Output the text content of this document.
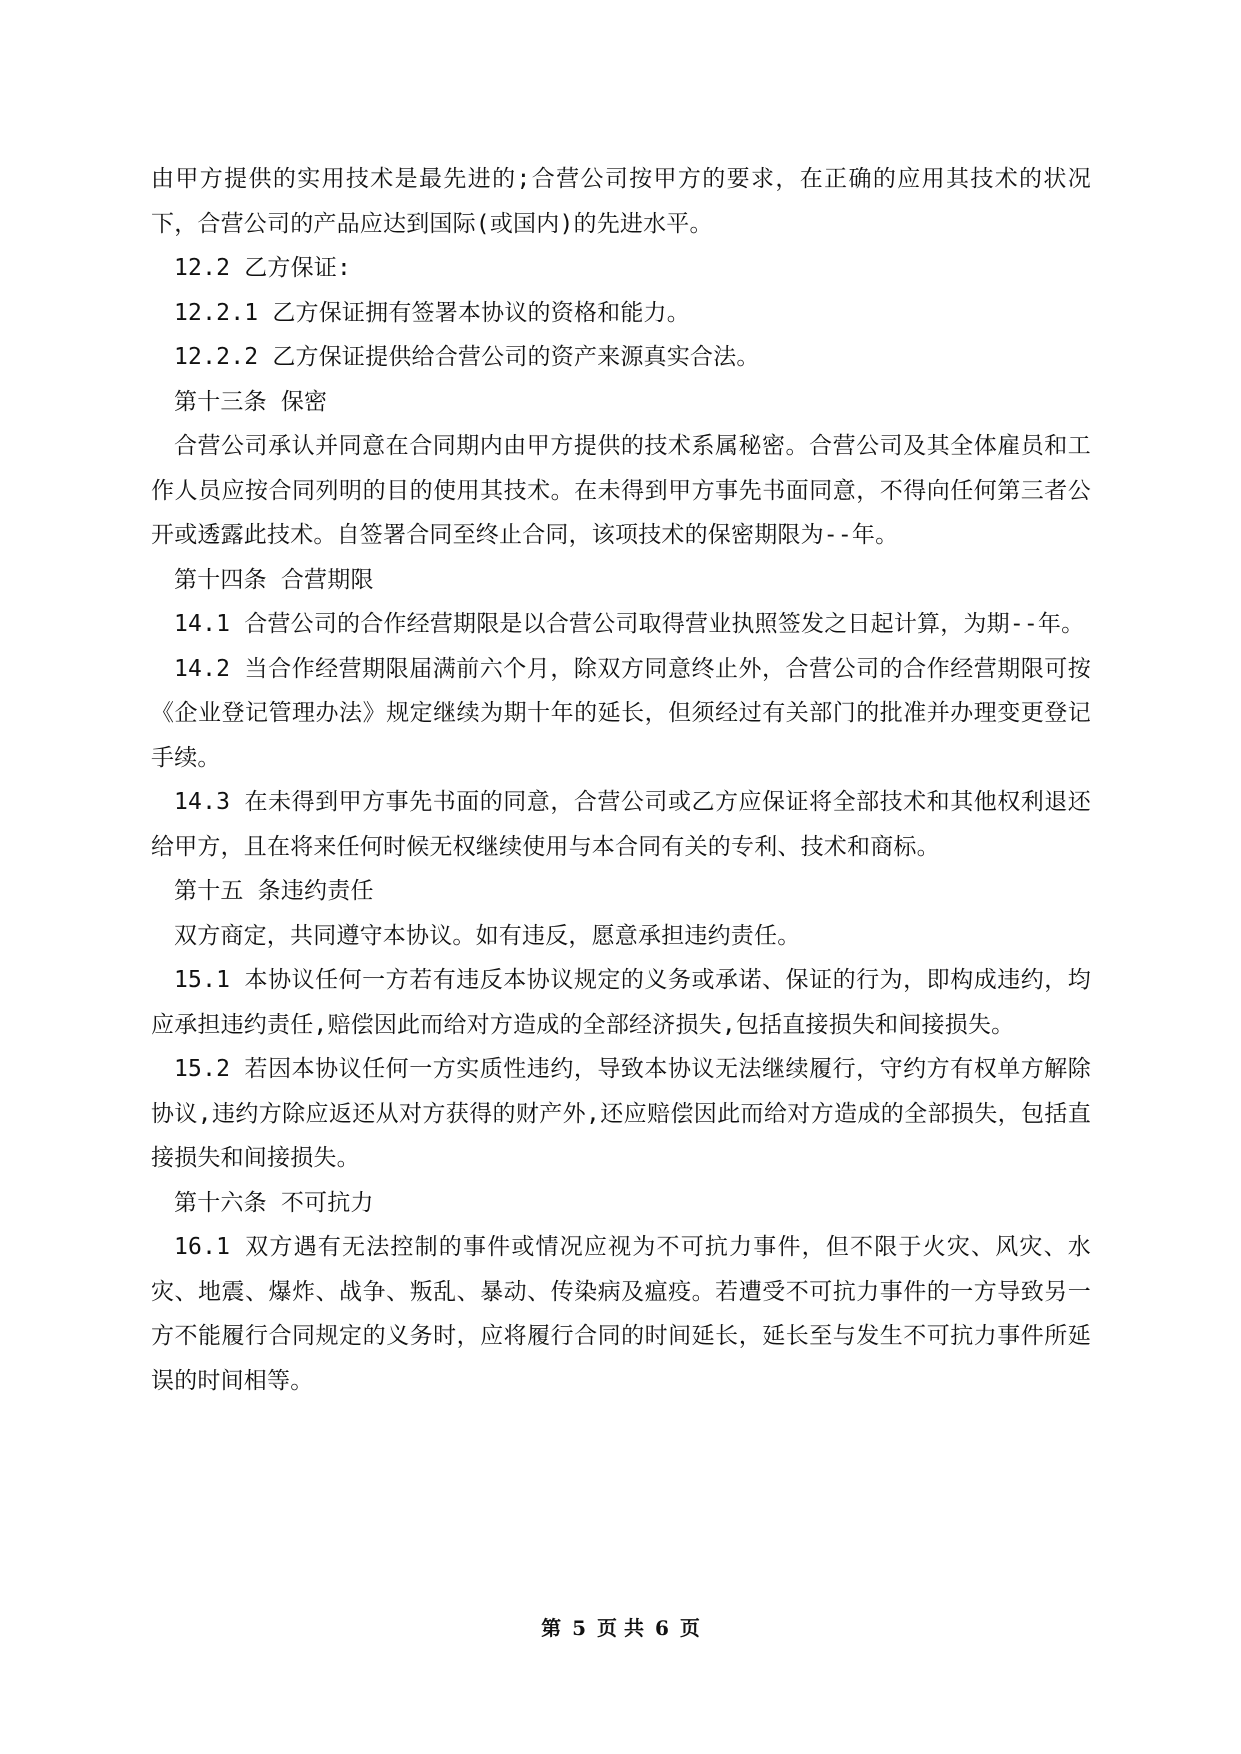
由甲方提供的实用技术是最先进的;合营公司按甲方的要求，在正确的应用其技术的状况下，合营公司的产品应达到国际(或国内)的先进水平。

12.2 乙方保证:

12.2.1 乙方保证拥有签署本协议的资格和能力。

12.2.2 乙方保证提供给合营公司的资产来源真实合法。

第十三条 保密

合营公司承认并同意在合同期内由甲方提供的技术系属秘密。合营公司及其全体雇员和工作人员应按合同列明的目的使用其技术。在未得到甲方事先书面同意，不得向任何第三者公开或透露此技术。自签署合同至终止合同，该项技术的保密期限为--年。

第十四条 合营期限

14.1 合营公司的合作经营期限是以合营公司取得营业执照签发之日起计算，为期--年。

14.2 当合作经营期限届满前六个月，除双方同意终止外，合营公司的合作经营期限可按《企业登记管理办法》规定继续为期十年的延长，但须经过有关部门的批准并办理变更登记手续。

14.3 在未得到甲方事先书面的同意，合营公司或乙方应保证将全部技术和其他权利退还给甲方，且在将来任何时候无权继续使用与本合同有关的专利、技术和商标。

第十五 条违约责任

双方商定，共同遵守本协议。如有违反，愿意承担违约责任。

15.1 本协议任何一方若有违反本协议规定的义务或承诺、保证的行为，即构成违约，均应承担违约责任,赔偿因此而给对方造成的全部经济损失,包括直接损失和间接损失。

15.2 若因本协议任何一方实质性违约，导致本协议无法继续履行，守约方有权单方解除协议,违约方除应返还从对方获得的财产外,还应赔偿因此而给对方造成的全部损失，包括直接损失和间接损失。

第十六条 不可抗力

16.1 双方遇有无法控制的事件或情况应视为不可抗力事件，但不限于火灾、风灾、水灾、地震、爆炸、战争、叛乱、暴动、传染病及瘟疫。若遭受不可抗力事件的一方导致另一方不能履行合同规定的义务时，应将履行合同的时间延长，延长至与发生不可抗力事件所延误的时间相等。

第 5 页 共 6 页
